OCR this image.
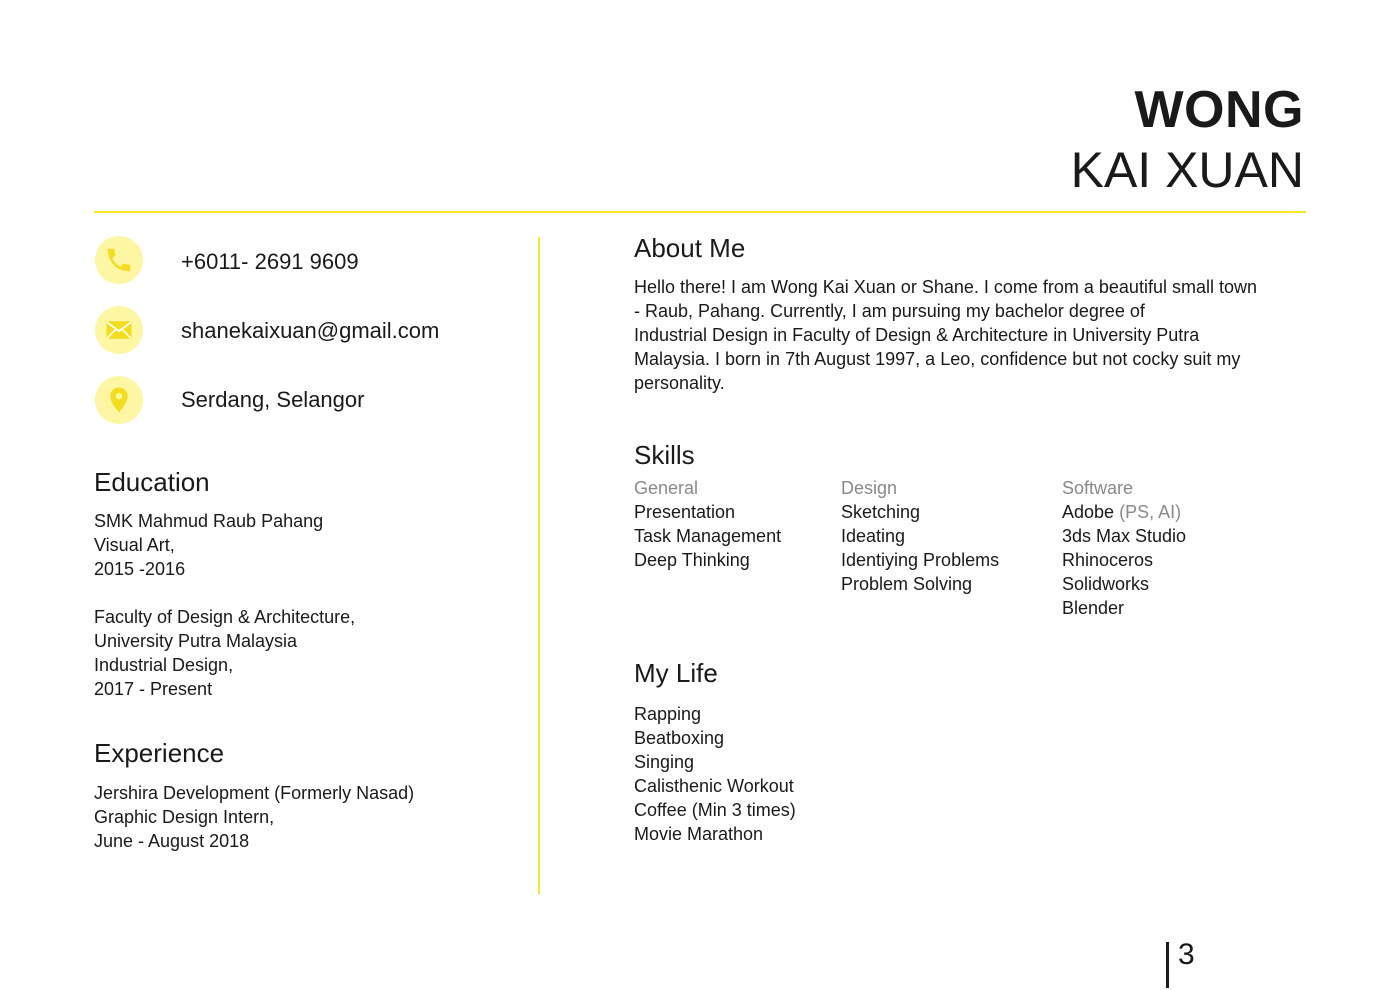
WONG
KAI XUAN
+6011- 2691 9609
shanekaixuan@gmail.com
Serdang, Selangor
Education
SMK Mahmud Raub Pahang
Visual Art,
2015 -2016
Faculty of Design & Architecture,
University Putra Malaysia
Industrial Design,
2017 - Present
Experience
Jershira Development (Formerly Nasad)
Graphic Design Intern,
June - August 2018
About Me
Hello there! I am Wong Kai Xuan or Shane. I come from a beautiful small town
- Raub, Pahang. Currently, I am pursuing my bachelor degree of
Industrial Design in Faculty of Design & Architecture in University Putra
Malaysia. I born in 7th August 1997, a Leo, confidence but not cocky suit my
personality.
Skills
General
Presentation
Task Management
Deep Thinking
Design
Sketching
Ideating
Identiying Problems
Problem Solving
Software
Adobe (PS, AI)
3ds Max Studio
Rhinoceros
Solidworks
Blender
My Life
Rapping
Beatboxing
Singing
Calisthenic Workout
Coffee (Min 3 times)
Movie Marathon
3
